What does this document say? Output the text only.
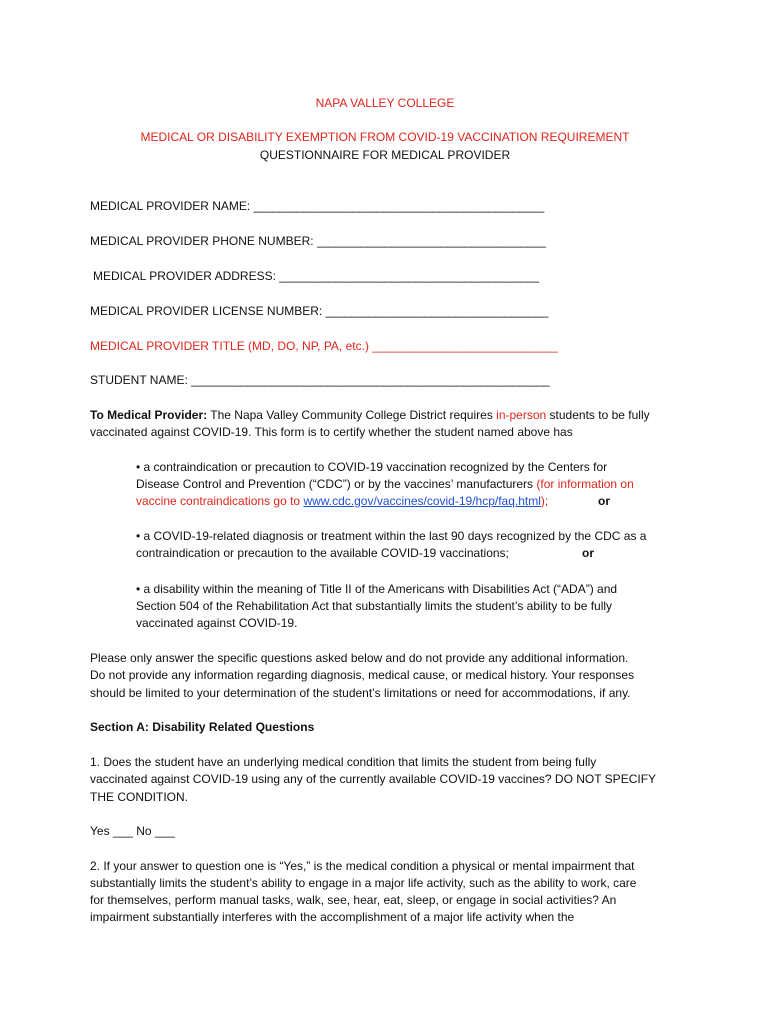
NAPA VALLEY COLLEGE
MEDICAL OR DISABILITY EXEMPTION FROM COVID-19 VACCINATION REQUIREMENT
QUESTIONNAIRE FOR MEDICAL PROVIDER
MEDICAL PROVIDER NAME: _______________________________________________
MEDICAL PROVIDER PHONE NUMBER: _____________________________________
MEDICAL PROVIDER ADDRESS: __________________________________________
MEDICAL PROVIDER LICENSE NUMBER: ____________________________________
MEDICAL PROVIDER TITLE (MD, DO, NP, PA, etc.) ______________________________
STUDENT NAME: __________________________________________________________
To Medical Provider: The Napa Valley Community College District requires in-person students to be fully
vaccinated against COVID-19. This form is to certify whether the student named above has
• a contraindication or precaution to COVID-19 vaccination recognized by the Centers for
Disease Control and Prevention (“CDC”) or by the vaccines’ manufacturers (for information on
vaccine contraindications go to www.cdc.gov/vaccines/covid-19/hcp/faq.html);	or
• a COVID-19-related diagnosis or treatment within the last 90 days recognized by the CDC as a
contraindication or precaution to the available COVID-19 vaccinations;	or
• a disability within the meaning of Title II of the Americans with Disabilities Act (“ADA”) and
Section 504 of the Rehabilitation Act that substantially limits the student’s ability to be fully
vaccinated against COVID-19.
Please only answer the specific questions asked below and do not provide any additional information.
Do not provide any information regarding diagnosis, medical cause, or medical history. Your responses
should be limited to your determination of the student’s limitations or need for accommodations, if any.
Section A: Disability Related Questions
1. Does the student have an underlying medical condition that limits the student from being fully
vaccinated against COVID-19 using any of the currently available COVID-19 vaccines? DO NOT SPECIFY
THE CONDITION.
Yes ___ No ___
2. If your answer to question one is “Yes,” is the medical condition a physical or mental impairment that
substantially limits the student’s ability to engage in a major life activity, such as the ability to work, care
for themselves, perform manual tasks, walk, see, hear, eat, sleep, or engage in social activities? An
impairment substantially interferes with the accomplishment of a major life activity when the
